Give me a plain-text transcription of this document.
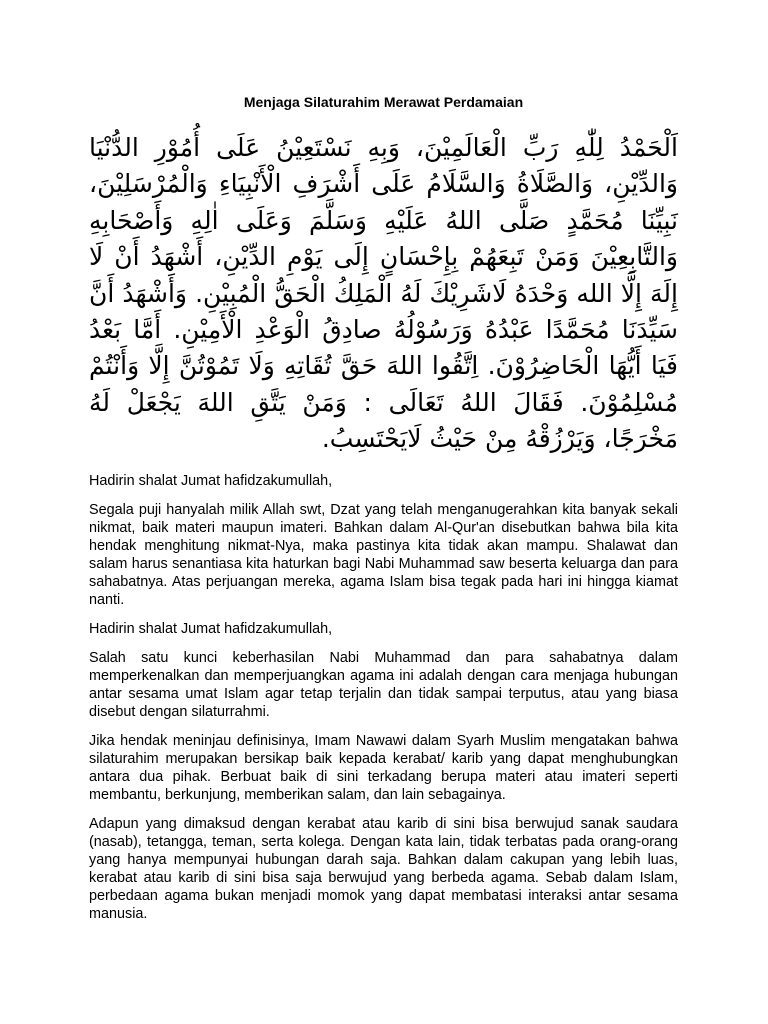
Menjaga Silaturahim Merawat Perdamaian

اَلْحَمْدُ لِلّٰهِ رَبِّ الْعَالَمِيْنَ، وَبِهِ نَسْتَعِيْنُ عَلَى أُمُوْرِ الدُّنْيَا وَالدِّيْنِ، وَالصَّلَاةُ وَالسَّلَامُ عَلَى أَشْرَفِ الْأَنْبِيَاءِ وَالْمُرْسَلِيْنَ، نَبِيِّنَا مُحَمَّدٍ صَلَّى اللهُ عَلَيْهِ وَسَلَّمَ وَعَلَى اٰلِهِ وَأَصْحَابِهِ وَالتَّابِعِيْنَ وَمَنْ تَبِعَهُمْ بِإِحْسَانٍ إِلَى يَوْمِ الدِّيْنِ، أَشْهَدُ أَنْ لَا إِلَهَ إِلَّا الله وَحْدَهُ لَاشَرِيْكَ لَهُ الْمَلِكُ الْحَقُّ الْمُبِيْنِ. وَأَشْهَدُ أَنَّ سَيِّدَنَا مُحَمَّدًا عَبْدُهُ وَرَسُوْلُهُ صادِقُ الْوَعْدِ الْأَمِيْنِ. أَمَّا بَعْدُ فَيَا أَيُّهَا الْحَاضِرُوْنَ. اِتَّقُوا اللهَ حَقَّ تُقَاتِهِ وَلَا تَمُوْتُنَّ إِلَّا وَأَنْتُمْ مُسْلِمُوْنَ. فَقَالَ اللهُ تَعَالَى : وَمَنْ يَتَّقِ اللهَ يَجْعَلْ لَهُ مَخْرَجًا، وَيَرْزُقْهُ مِنْ حَيْثُ لَايَحْتَسِبُ.

Hadirin shalat Jumat hafidzakumullah,

Segala puji hanyalah milik Allah swt, Dzat yang telah menganugerahkan kita banyak sekali nikmat, baik materi maupun imateri. Bahkan dalam Al-Qur'an disebutkan bahwa bila kita hendak menghitung nikmat-Nya, maka pastinya kita tidak akan mampu. Shalawat dan salam harus senantiasa kita haturkan bagi Nabi Muhammad saw beserta keluarga dan para sahabatnya. Atas perjuangan mereka, agama Islam bisa tegak pada hari ini hingga kiamat nanti.

Hadirin shalat Jumat hafidzakumullah,

Salah satu kunci keberhasilan Nabi Muhammad dan para sahabatnya dalam memperkenalkan dan memperjuangkan agama ini adalah dengan cara menjaga hubungan antar sesama umat Islam agar tetap terjalin dan tidak sampai terputus, atau yang biasa disebut dengan silaturrahmi.

Jika hendak meninjau definisinya, Imam Nawawi dalam Syarh Muslim mengatakan bahwa silaturahim merupakan bersikap baik kepada kerabat/ karib yang dapat menghubungkan antara dua pihak. Berbuat baik di sini terkadang berupa materi atau imateri seperti membantu, berkunjung, memberikan salam, dan lain sebagainya.

Adapun yang dimaksud dengan kerabat atau karib di sini bisa berwujud sanak saudara (nasab), tetangga, teman, serta kolega. Dengan kata lain, tidak terbatas pada orang-orang yang hanya mempunyai hubungan darah saja. Bahkan dalam cakupan yang lebih luas, kerabat atau karib di sini bisa saja berwujud yang berbeda agama. Sebab dalam Islam, perbedaan agama bukan menjadi momok yang dapat membatasi interaksi antar sesama manusia.
